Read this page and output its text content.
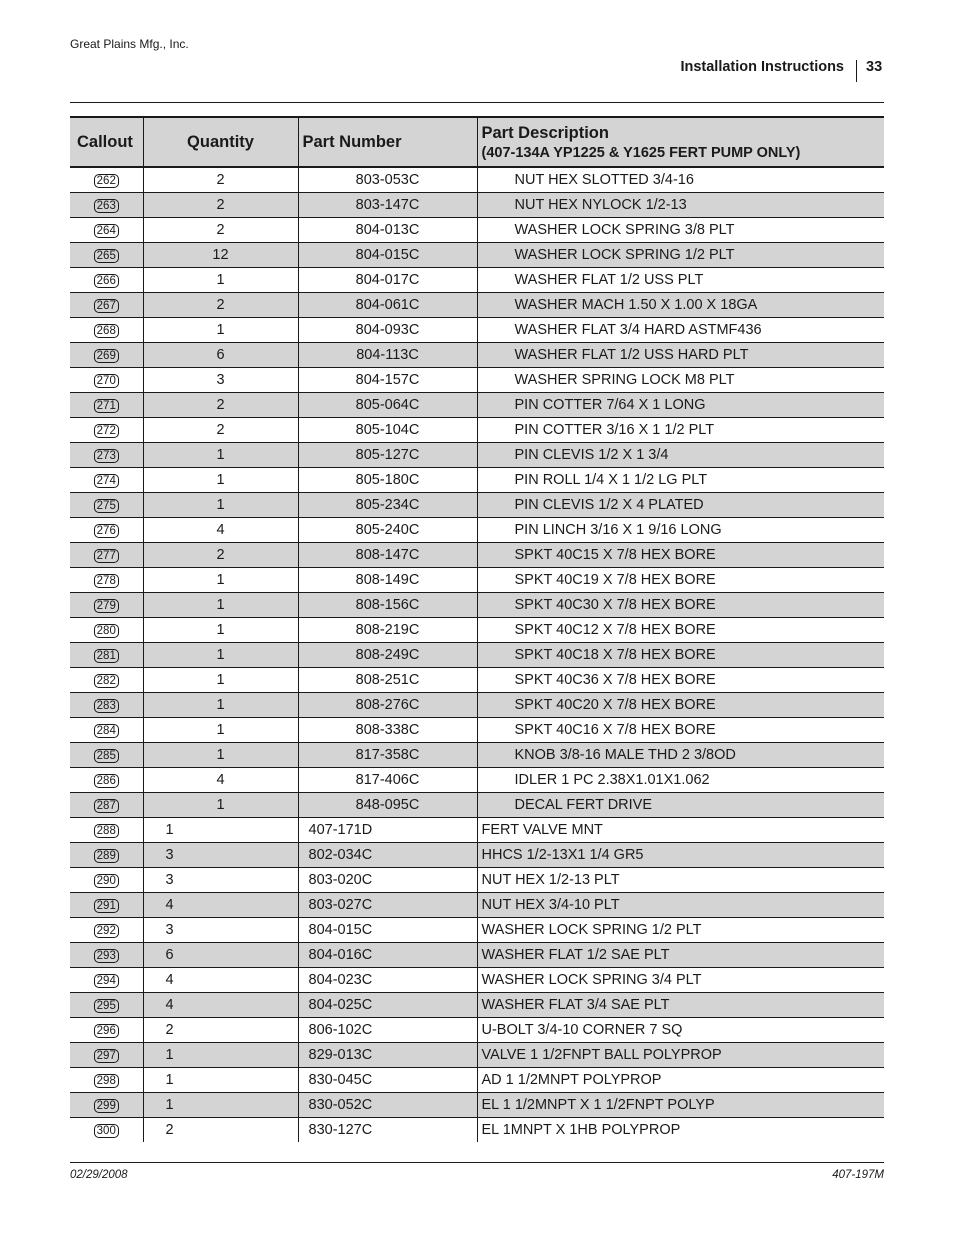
Great Plains Mfg., Inc.
Installation Instructions 33
Callout	Quantity	Part Number	Part Description
(407-134A YP1225 & Y1625 FERT PUMP ONLY)

262	2	803-053C	NUT HEX SLOTTED 3/4-16
263	2	803-147C	NUT HEX NYLOCK 1/2-13
264	2	804-013C	WASHER LOCK SPRING 3/8 PLT
265	12	804-015C	WASHER LOCK SPRING 1/2 PLT
266	1	804-017C	WASHER FLAT 1/2 USS PLT
267	2	804-061C	WASHER MACH 1.50 X 1.00 X 18GA
268	1	804-093C	WASHER FLAT 3/4 HARD ASTMF436
269	6	804-113C	WASHER FLAT 1/2 USS HARD PLT
270	3	804-157C	WASHER SPRING LOCK M8 PLT
271	2	805-064C	PIN COTTER 7/64 X 1 LONG
272	2	805-104C	PIN COTTER 3/16 X 1 1/2 PLT
273	1	805-127C	PIN CLEVIS 1/2 X 1 3/4
274	1	805-180C	PIN ROLL 1/4 X 1 1/2 LG PLT
275	1	805-234C	PIN CLEVIS 1/2 X 4 PLATED
276	4	805-240C	PIN LINCH 3/16 X 1 9/16 LONG
277	2	808-147C	SPKT 40C15 X 7/8 HEX BORE
278	1	808-149C	SPKT 40C19 X 7/8 HEX BORE
279	1	808-156C	SPKT 40C30 X 7/8 HEX BORE
280	1	808-219C	SPKT 40C12 X 7/8 HEX BORE
281	1	808-249C	SPKT 40C18 X 7/8 HEX BORE
282	1	808-251C	SPKT 40C36 X 7/8 HEX BORE
283	1	808-276C	SPKT 40C20 X 7/8 HEX BORE
284	1	808-338C	SPKT 40C16 X 7/8 HEX BORE
285	1	817-358C	KNOB 3/8-16 MALE THD 2 3/8OD
286	4	817-406C	IDLER 1 PC 2.38X1.01X1.062
287	1	848-095C	DECAL FERT DRIVE
288	1	407-171D	FERT VALVE MNT
289	3	802-034C	HHCS 1/2-13X1 1/4 GR5
290	3	803-020C	NUT HEX 1/2-13 PLT
291	4	803-027C	NUT HEX 3/4-10 PLT
292	3	804-015C	WASHER LOCK SPRING 1/2 PLT
293	6	804-016C	WASHER FLAT 1/2 SAE PLT
294	4	804-023C	WASHER LOCK SPRING 3/4 PLT
295	4	804-025C	WASHER FLAT 3/4 SAE PLT
296	2	806-102C	U-BOLT 3/4-10 CORNER 7 SQ
297	1	829-013C	VALVE 1 1/2FNPT BALL POLYPROP
298	1	830-045C	AD 1 1/2MNPT POLYPROP
299	1	830-052C	EL 1 1/2MNPT X 1 1/2FNPT POLYP
300	2	830-127C	EL 1MNPT X 1HB POLYPROP
02/29/2008	407-197M
